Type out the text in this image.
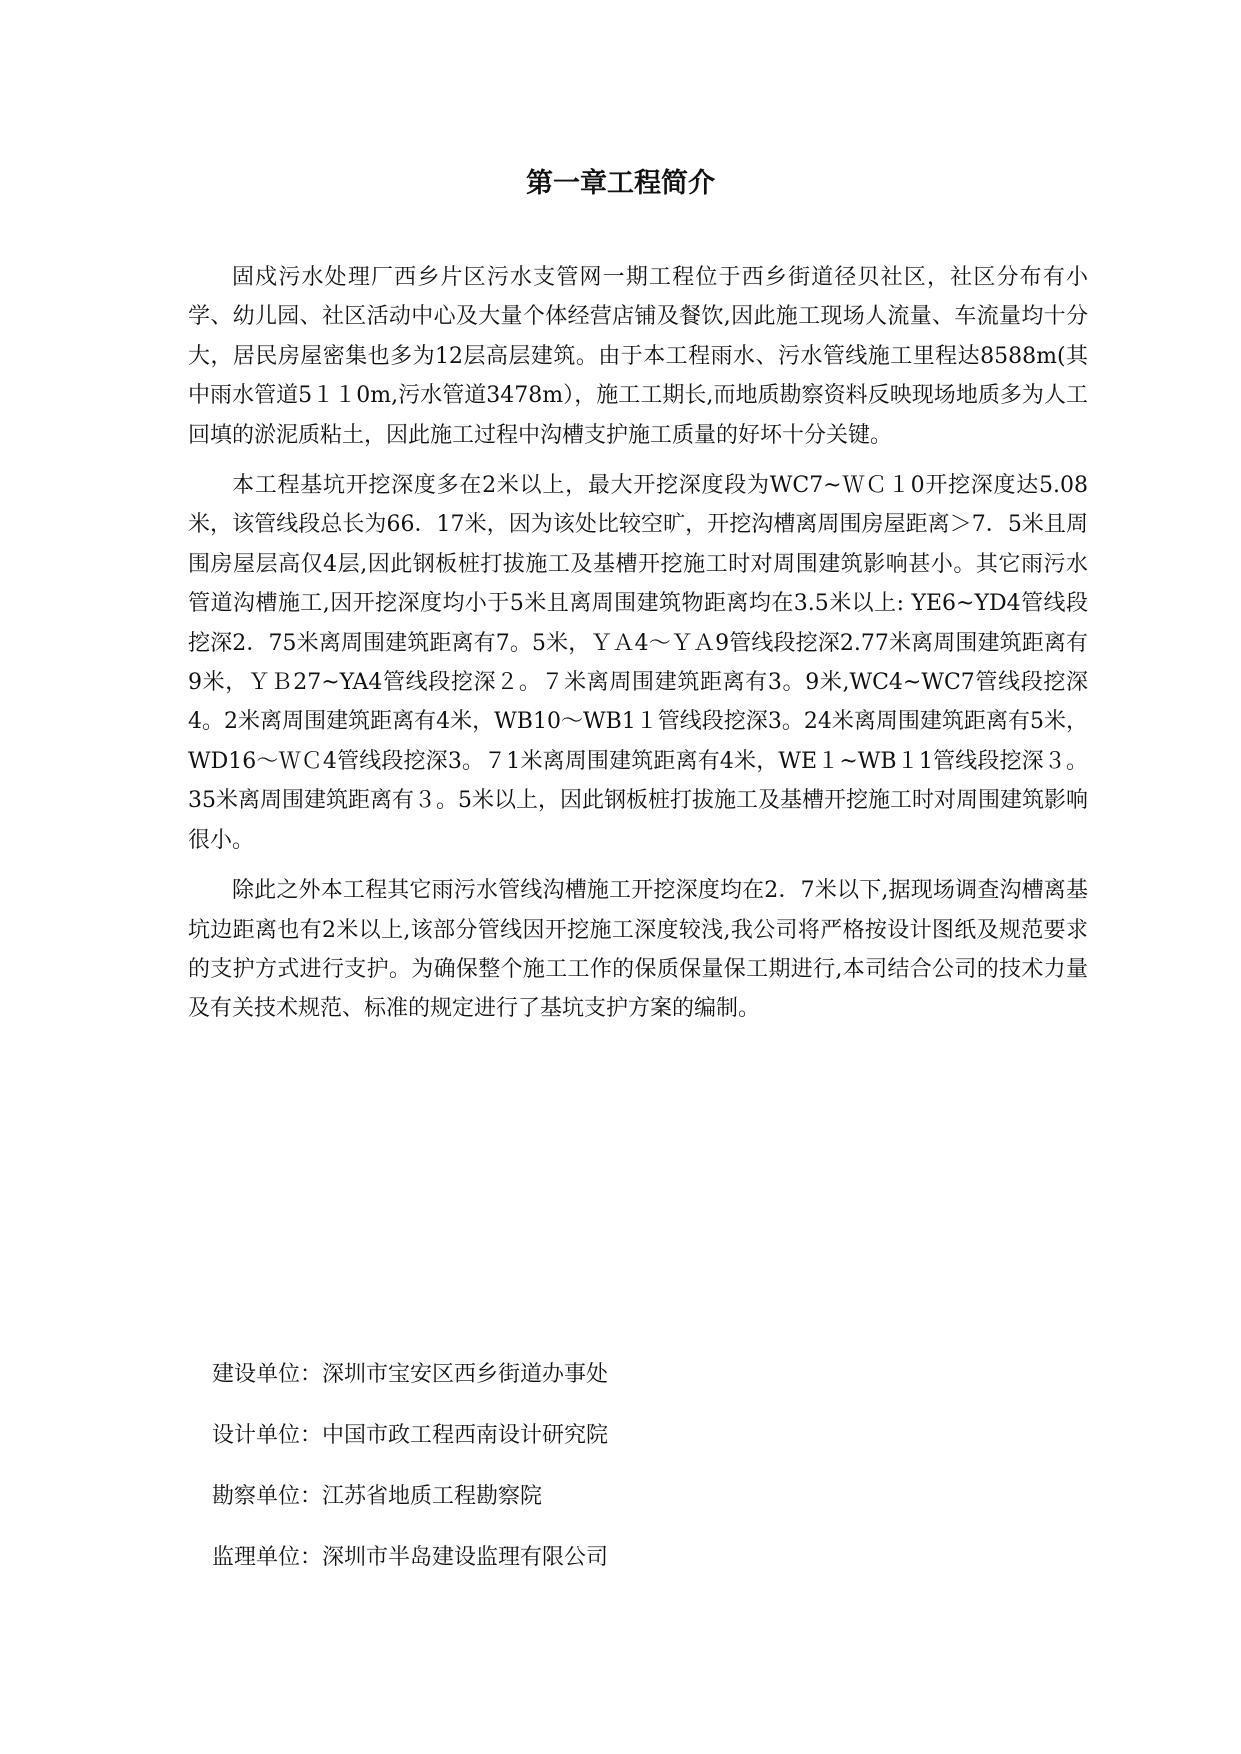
第一章工程简介

固戍污水处理厂西乡片区污水支管网一期工程位于西乡街道径贝社区，社区分布有小学、幼儿园、社区活动中心及大量个体经营店铺及餐饮,因此施工现场人流量、车流量均十分大，居民房屋密集也多为12层高层建筑。由于本工程雨水、污水管线施工里程达8588m(其中雨水管道5１１0m,污水管道3478m），施工工期长,而地质勘察资料反映现场地质多为人工回填的淤泥质粘土，因此施工过程中沟槽支护施工质量的好坏十分关键。

本工程基坑开挖深度多在2米以上，最大开挖深度段为WC7~ＷＣ１0开挖深度达5.08米，该管线段总长为66．17米，因为该处比较空旷，开挖沟槽离周围房屋距离＞7．5米且周围房屋层高仅4层,因此钢板桩打拔施工及基槽开挖施工时对周围建筑影响甚小。其它雨污水管道沟槽施工,因开挖深度均小于5米且离周围建筑物距离均在3.5米以上: YE6~YD4管线段挖深2．75米离周围建筑距离有7。5米，ＹＡ4～ＹＡ9管线段挖深2.77米离周围建筑距离有9米，ＹＢ27~YA4管线段挖深２。７米离周围建筑距离有3。9米,WC4~WC7管线段挖深4。2米离周围建筑距离有4米，WB10～WB1１管线段挖深3。24米离周围建筑距离有5米，WD16～ＷＣ4管线段挖深3。７1米离周围建筑距离有4米，WE１~WB１1管线段挖深３。35米离周围建筑距离有３。5米以上，因此钢板桩打拔施工及基槽开挖施工时对周围建筑影响很小。

除此之外本工程其它雨污水管线沟槽施工开挖深度均在2．7米以下,据现场调查沟槽离基坑边距离也有2米以上,该部分管线因开挖施工深度较浅,我公司将严格按设计图纸及规范要求的支护方式进行支护。为确保整个施工工作的保质保量保工期进行,本司结合公司的技术力量及有关技术规范、标准的规定进行了基坑支护方案的编制。

建设单位：深圳市宝安区西乡街道办事处

设计单位：中国市政工程西南设计研究院

勘察单位：江苏省地质工程勘察院

监理单位：深圳市半岛建设监理有限公司
